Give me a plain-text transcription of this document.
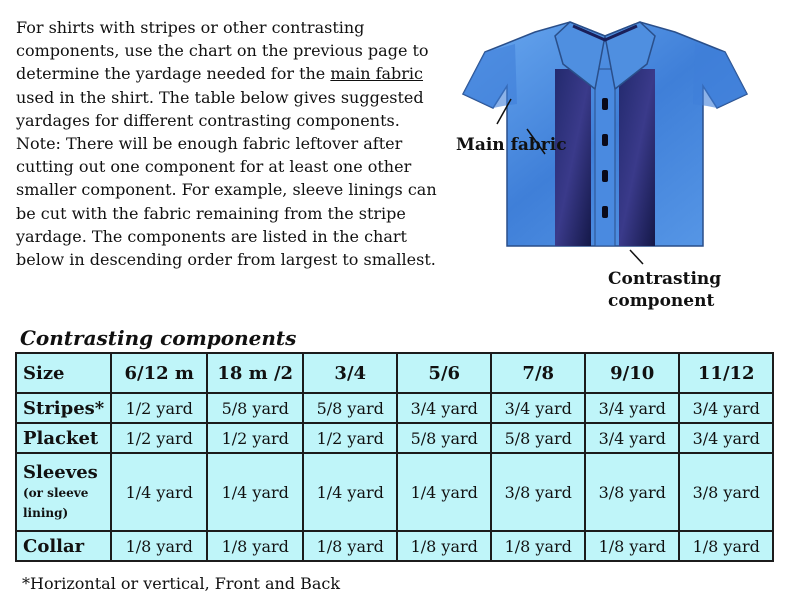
For shirts with stripes or other contrasting components, use the chart on the previous page to determine the yardage needed for the main fabric used in the shirt. The table below gives suggested yardages for different contrasting components. Note: There will be enough fabric leftover after cutting out one component for at least one other smaller component. For example, sleeve linings can be cut with the fabric remaining from the stripe yardage. The components are listed in the chart below in descending order from largest to smallest.
Main fabric
Contrasting
component
Contrasting components
Size	6/12 m	18 m /2	3/4	5/6	7/8	9/10	11/12
Stripes*	1/2 yard	5/8 yard	5/8 yard	3/4 yard	3/4 yard	3/4 yard	3/4 yard
Placket	1/2 yard	1/2 yard	1/2 yard	5/8 yard	5/8 yard	3/4 yard	3/4 yard
Sleeves
(or sleeve lining)	1/4 yard	1/4 yard	1/4 yard	1/4 yard	3/8 yard	3/8 yard	3/8 yard
Collar	1/8 yard	1/8 yard	1/8 yard	1/8 yard	1/8 yard	1/8 yard	1/8 yard
*Horizontal or vertical, Front and Back
